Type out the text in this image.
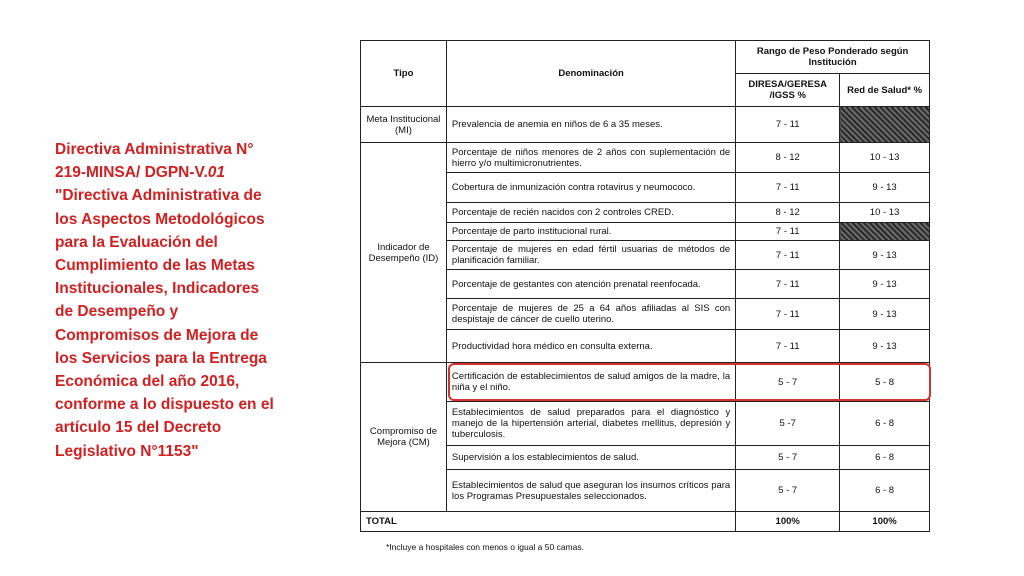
Directiva Administrativa N° 219-MINSA/ DGPN-V.01 "Directiva Administrativa de los Aspectos Metodológicos para la Evaluación del Cumplimiento de las Metas Institucionales, Indicadores de Desempeño y Compromisos de Mejora de los Servicios para la Entrega Económica del año 2016, conforme a lo dispuesto en el artículo 15 del Decreto Legislativo N°1153"
Tipo	Denominación	Rango de Peso Ponderado según Institución	
		DIRESA/GERESA /IGSS %	Red de Salud* %
Meta Institucional (MI)	Prevalencia de anemia en niños de 6 a 35 meses.	7 - 11	
Indicador de Desempeño (ID)	Porcentaje de niños menores de 2 años con suplementación de hierro y/o multimicronutrientes.	8 - 12	10 - 13
	Cobertura de inmunización contra rotavirus y neumococo.	7 - 11	9 - 13
	Porcentaje de recién nacidos con 2 controles CRED.	8 - 12	10 - 13
	Porcentaje de parto institucional rural.	7 - 11	
	Porcentaje de mujeres en edad fértil usuarias de métodos de planificación familiar.	7 - 11	9 - 13
	Porcentaje de gestantes con atención prenatal reenfocada.	7 - 11	9 - 13
	Porcentaje de mujeres de 25 a 64 años afiliadas al SIS con despistaje de cáncer de cuello uterino.	7 - 11	9 - 13
	Productividad hora médico en consulta externa.	7 - 11	9 - 13
Compromiso de Mejora (CM)	Certificación de establecimientos de salud amigos de la madre, la niña y el niño.	5 - 7	5 - 8
	Establecimientos de salud preparados para el diagnóstico y manejo de la hipertensión arterial, diabetes mellitus, depresión y tuberculosis.	5 -7	6 - 8
	Supervisión a los establecimientos de salud.	5 - 7	6 - 8
	Establecimientos de salud que aseguran los insumos críticos para los Programas Presupuestales seleccionados.	5 - 7	6 - 8
TOTAL		100%	100%
*Incluye a hospitales con menos o igual a 50 camas.
